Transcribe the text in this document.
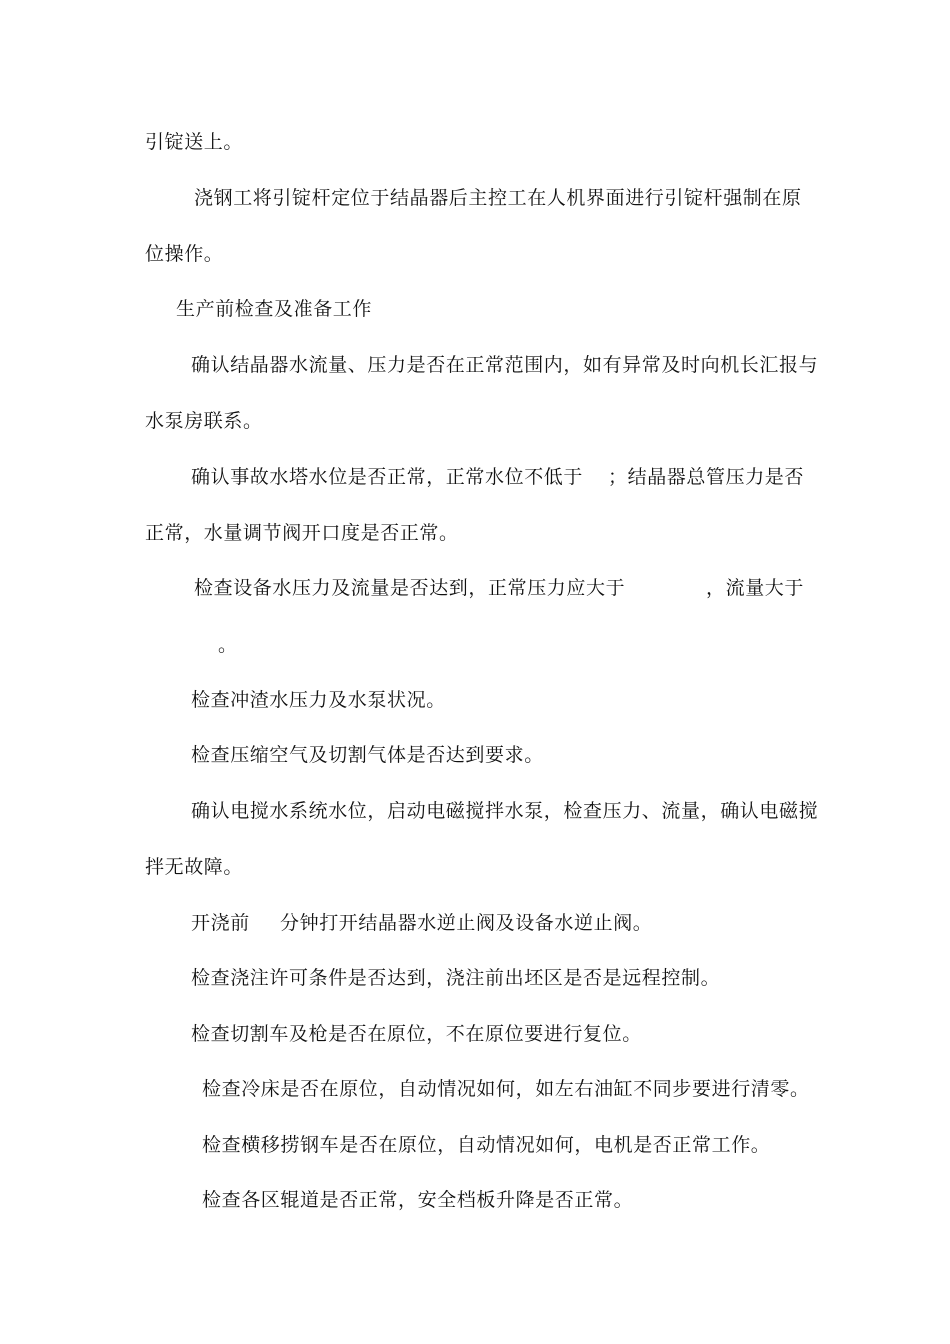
引锭送上。
浇钢工将引锭杆定位于结晶器后主控工在人机界面进行引锭杆强制在原
位操作。
生产前检查及准备工作
确认结晶器水流量、压力是否在正常范围内，如有异常及时向机长汇报与
水泵房联系。
确认事故水塔水位是否正常，正常水位不低于 ；结晶器总管压力是否
正常，水量调节阀开口度是否正常。
检查设备水压力及流量是否达到，正常压力应大于	，流量大于
。
检查冲渣水压力及水泵状况。
检查压缩空气及切割气体是否达到要求。
确认电搅水系统水位，启动电磁搅拌水泵，检查压力、流量，确认电磁搅
拌无故障。
开浇前 分钟打开结晶器水逆止阀及设备水逆止阀。
检查浇注许可条件是否达到，浇注前出坯区是否是远程控制。
检查切割车及枪是否在原位，不在原位要进行复位。
检查冷床是否在原位，自动情况如何，如左右油缸不同步要进行清零。
检查横移捞钢车是否在原位，自动情况如何，电机是否正常工作。
检查各区辊道是否正常，安全档板升降是否正常。
